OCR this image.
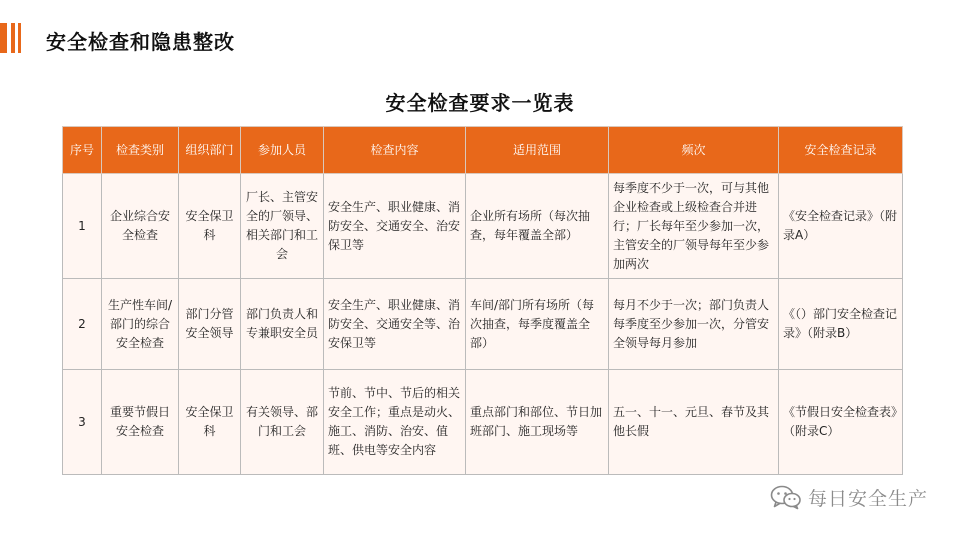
安全检查和隐患整改
安全检查要求一览表
序号	检查类别	组织部门	参加人员	检查内容	适用范围	频次	安全检查记录
1	企业综合安全检查	安全保卫科	厂长、主管安全的厂领导、相关部门和工会	安全生产、职业健康、消防安全、交通安全、治安保卫等	企业所有场所（每次抽查，每年覆盖全部）	每季度不少于一次，可与其他企业检查或上级检查合并进行；厂长每年至少参加一次，主管安全的厂领导每年至少参加两次	《安全检查记录》（附录A）
2	生产性车间/部门的综合安全检查	部门分管安全领导	部门负责人和专兼职安全员	安全生产、职业健康、消防安全、交通安全等、治安保卫等	车间/部门所有场所（每次抽查，每季度覆盖全部）	每月不少于一次；部门负责人每季度至少参加一次，分管安全领导每月参加	《（）部门安全检查记录》（附录B）
3	重要节假日安全检查	安全保卫科	有关领导、部门和工会	节前、节中、节后的相关安全工作；重点是动火、施工、消防、治安、值班、供电等安全内容	重点部门和部位、节日加班部门、施工现场等	五一、十一、元旦、春节及其他长假	《节假日安全检查表》（附录C）
每日安全生产
